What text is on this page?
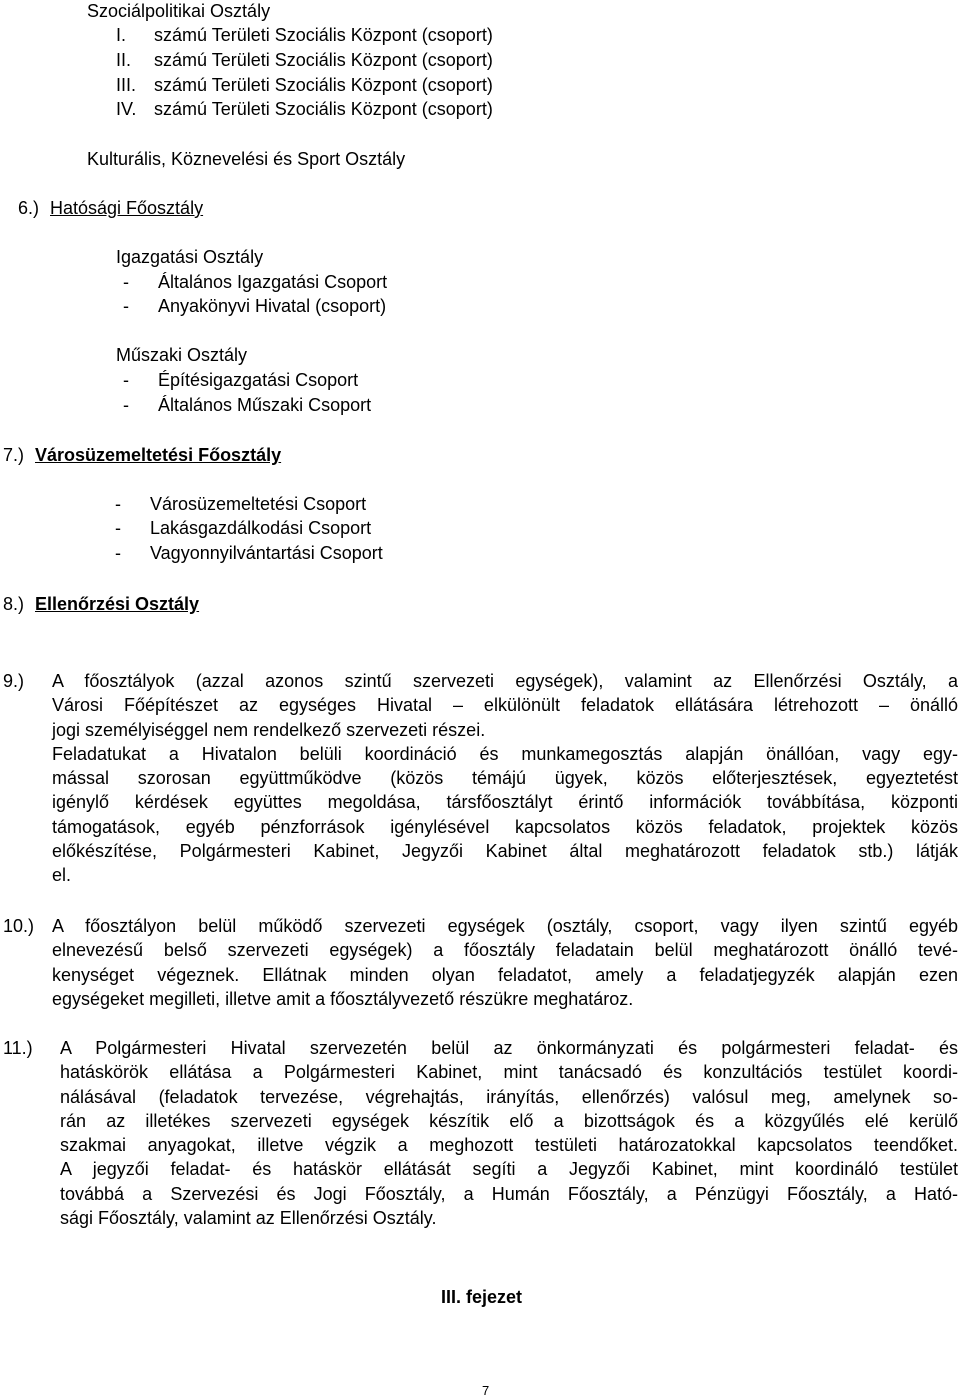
Szociálpolitikai Osztály
I. számú Területi Szociális Központ (csoport)
II. számú Területi Szociális Központ (csoport)
III. számú Területi Szociális Központ (csoport)
IV. számú Területi Szociális Központ (csoport)
Kulturális, Köznevelési és Sport Osztály
6.) Hatósági Főosztály
Igazgatási Osztály
- Általános Igazgatási Csoport
- Anyakönyvi Hivatal (csoport)
Műszaki Osztály
- Építésigazgatási Csoport
- Általános Műszaki Csoport
7.) Városüzemeltetési Főosztály
- Városüzemeltetési Csoport
- Lakásgazdálkodási Csoport
- Vagyonnyilvántartási Csoport
8.) Ellenőrzési Osztály
9.) A főosztályok (azzal azonos szintű szervezeti egységek), valamint az Ellenőrzési Osztály, a
Városi Főépítészet az egységes Hivatal – elkülönült feladatok ellátására létrehozott – önálló
jogi személyiséggel nem rendelkező szervezeti részei.
Feladatukat a Hivatalon belüli koordináció és munkamegosztás alapján önállóan, vagy egy-
mással szorosan együttműködve (közös témájú ügyek, közös előterjesztések, egyeztetést
igénylő kérdések együttes megoldása, társfőosztályt érintő információk továbbítása, központi
támogatások, egyéb pénzforrások igénylésével kapcsolatos közös feladatok, projektek közös
előkészítése, Polgármesteri Kabinet, Jegyzői Kabinet által meghatározott feladatok stb.) látják
el.
10.) A főosztályon belül működő szervezeti egységek (osztály, csoport, vagy ilyen szintű egyéb
elnevezésű belső szervezeti egységek) a főosztály feladatain belül meghatározott önálló tevé-
kenységet végeznek. Ellátnak minden olyan feladatot, amely a feladatjegyzék alapján ezen
egységeket megilleti, illetve amit a főosztályvezető részükre meghatároz.
11.) A Polgármesteri Hivatal szervezetén belül az önkormányzati és polgármesteri feladat- és
hatáskörök ellátása a Polgármesteri Kabinet, mint tanácsadó és konzultációs testület koordi-
nálásával (feladatok tervezése, végrehajtás, irányítás, ellenőrzés) valósul meg, amelynek so-
rán az illetékes szervezeti egységek készítik elő a bizottságok és a közgyűlés elé kerülő
szakmai anyagokat, illetve végzik a meghozott testületi határozatokkal kapcsolatos teendőket.
A jegyzői feladat- és hatáskör ellátását segíti a Jegyzői Kabinet, mint koordináló testület
továbbá a Szervezési és Jogi Főosztály, a Humán Főosztály, a Pénzügyi Főosztály, a Ható-
sági Főosztály, valamint az Ellenőrzési Osztály.
III. fejezet
7
